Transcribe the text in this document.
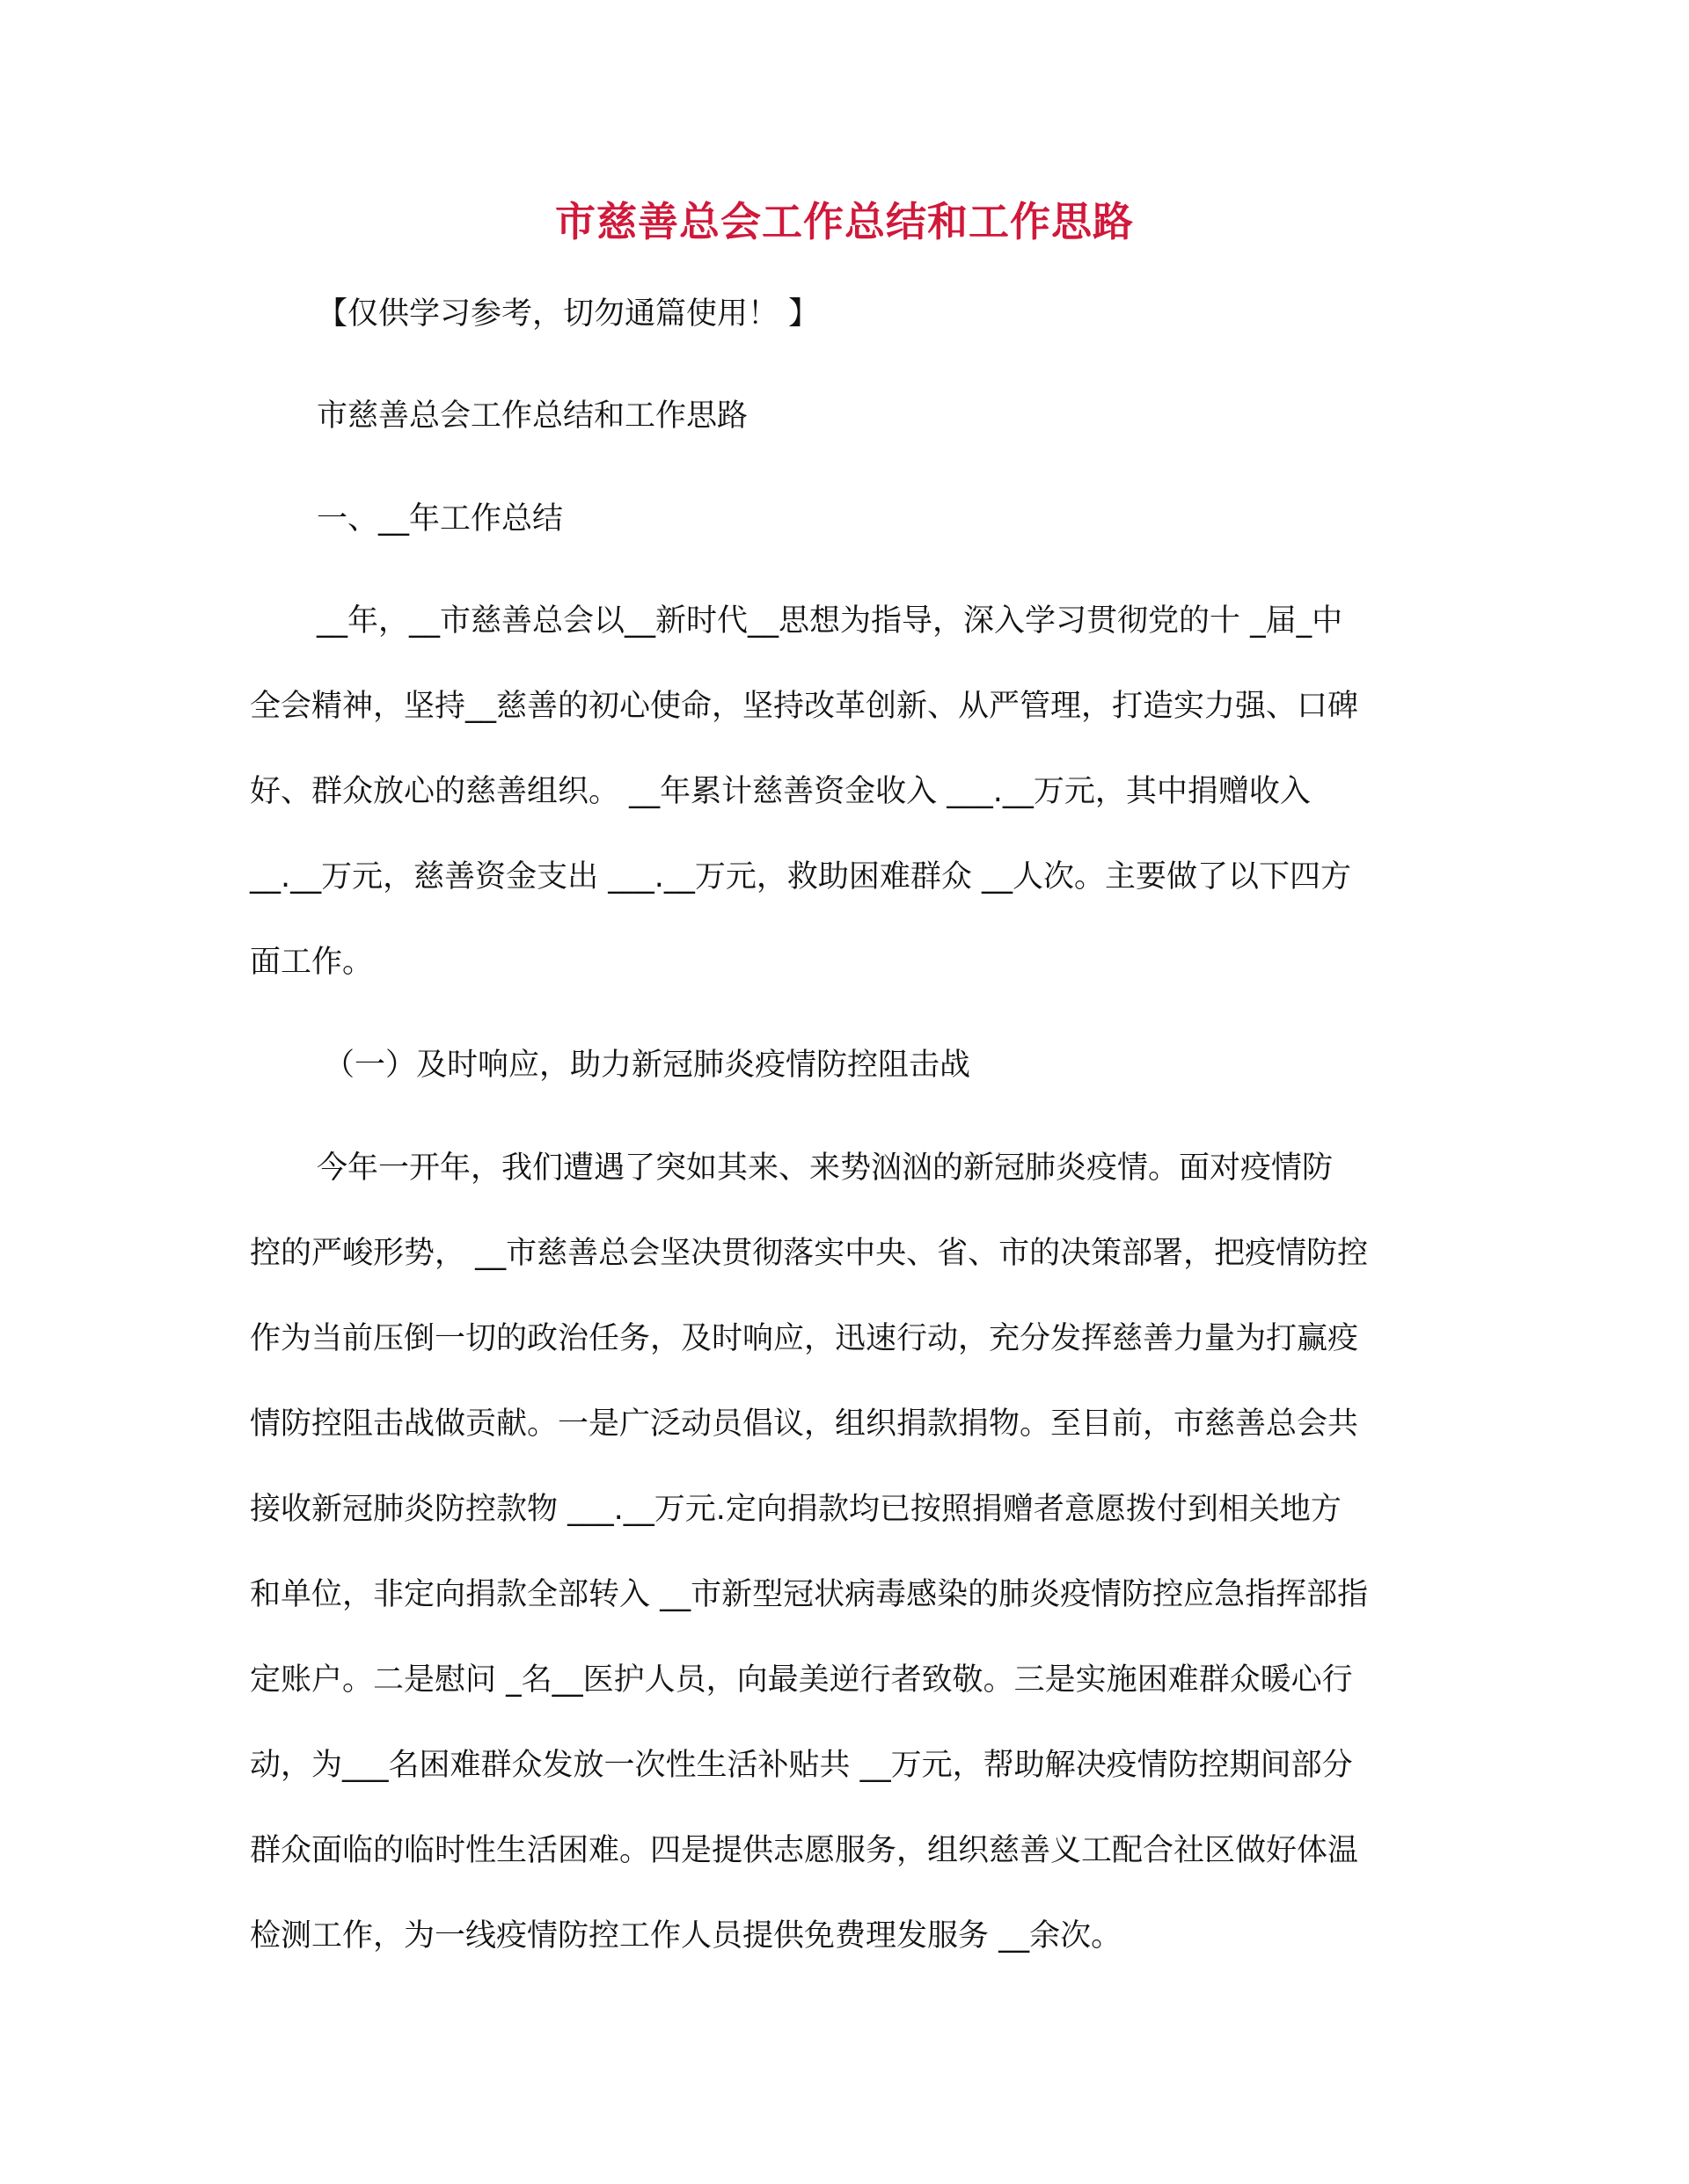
市慈善总会工作总结和工作思路
【仅供学习参考，切勿通篇使用！ 】
市慈善总会工作总结和工作思路
一、__年工作总结
__年，__市慈善总会以__新时代__思想为指导，深入学习贯彻党的十 _届_中
全会精神，坚持__慈善的初心使命，坚持改革创新、从严管理，打造实力强、口碑
好、群众放心的慈善组织。 __年累计慈善资金收入 ___.__万元，其中捐赠收入
__.__万元，慈善资金支出 ___.__万元，救助困难群众 __人次。主要做了以下四方
面工作。
（一）及时响应，助力新冠肺炎疫情防控阻击战
今年一开年，我们遭遇了突如其来、来势汹汹的新冠肺炎疫情。面对疫情防
控的严峻形势， __市慈善总会坚决贯彻落实中央、省、市的决策部署，把疫情防控
作为当前压倒一切的政治任务，及时响应，迅速行动，充分发挥慈善力量为打赢疫
情防控阻击战做贡献。一是广泛动员倡议，组织捐款捐物。至目前，市慈善总会共
接收新冠肺炎防控款物 ___.__万元.定向捐款均已按照捐赠者意愿拨付到相关地方
和单位，非定向捐款全部转入 __市新型冠状病毒感染的肺炎疫情防控应急指挥部指
定账户。二是慰问 _名__医护人员，向最美逆行者致敬。三是实施困难群众暖心行
动，为___名困难群众发放一次性生活补贴共 __万元，帮助解决疫情防控期间部分
群众面临的临时性生活困难。四是提供志愿服务，组织慈善义工配合社区做好体温
检测工作，为一线疫情防控工作人员提供免费理发服务 __余次。
